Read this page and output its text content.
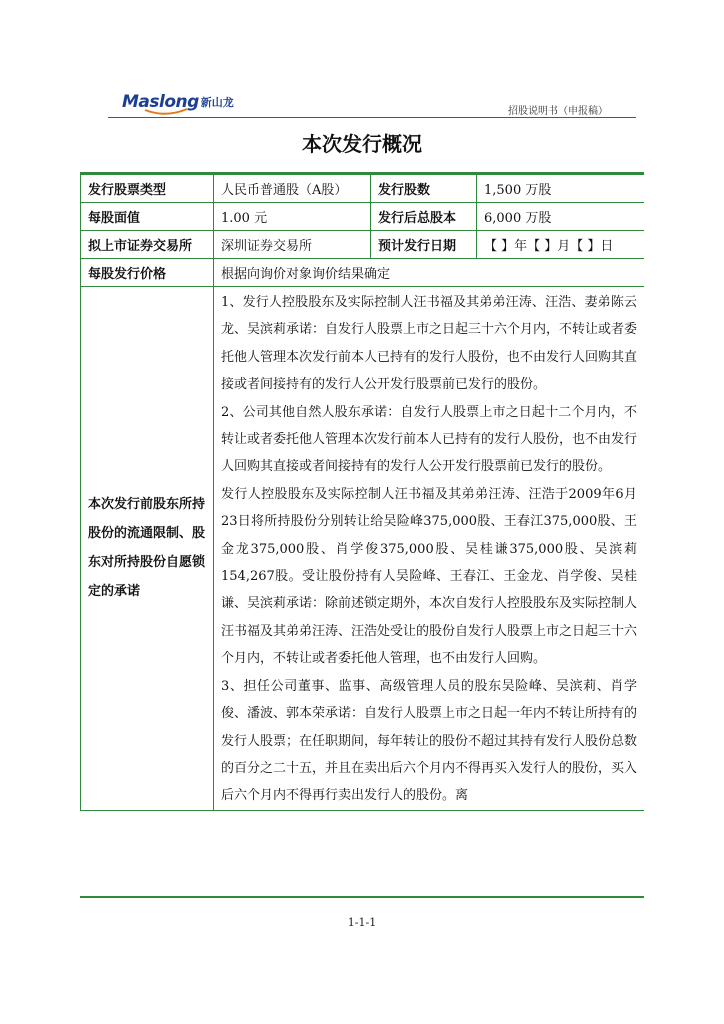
Maslong 新山龙
招股说明书（申报稿）
本次发行概况
发行股票类型	人民币普通股（A股）	发行股数	1,500 万股
每股面值	1.00 元	发行后总股本	6,000 万股
拟上市证券交易所	深圳证券交易所	预计发行日期	【 】年【 】月【 】日
每股发行价格	根据向询价对象询价结果确定		
本次发行前股东所持股份的流通限制、股东对所持股份自愿锁定的承诺	1、发行人控股股东及实际控制人汪书福及其弟弟汪涛、汪浩、妻弟陈云龙、吴滨莉承诺：自发行人股票上市之日起三十六个月内，不转让或者委托他人管理本次发行前本人已持有的发行人股份，也不由发行人回购其直接或者间接持有的发行人公开发行股票前已发行的股份。

2、公司其他自然人股东承诺：自发行人股票上市之日起十二个月内，不转让或者委托他人管理本次发行前本人已持有的发行人股份，也不由发行人回购其直接或者间接持有的发行人公开发行股票前已发行的股份。

发行人控股股东及实际控制人汪书福及其弟弟汪涛、汪浩于2009年6月23日将所持股份分别转让给吴险峰375,000股、王春江375,000股、王金龙375,000股、肖学俊375,000股、吴桂谦375,000股、吴滨莉154,267股。受让股份持有人吴险峰、王春江、王金龙、肖学俊、吴桂谦、吴滨莉承诺：除前述锁定期外，本次自发行人控股股东及实际控制人汪书福及其弟弟汪涛、汪浩处受让的股份自发行人股票上市之日起三十六个月内，不转让或者委托他人管理，也不由发行人回购。

3、担任公司董事、监事、高级管理人员的股东吴险峰、吴滨莉、肖学俊、潘波、郭本荣承诺：自发行人股票上市之日起一年内不转让所持有的发行人股票；在任职期间，每年转让的股份不超过其持有发行人股份总数的百分之二十五，并且在卖出后六个月内不得再买入发行人的股份，买入后六个月内不得再行卖出发行人的股份。离		

1-1-1
